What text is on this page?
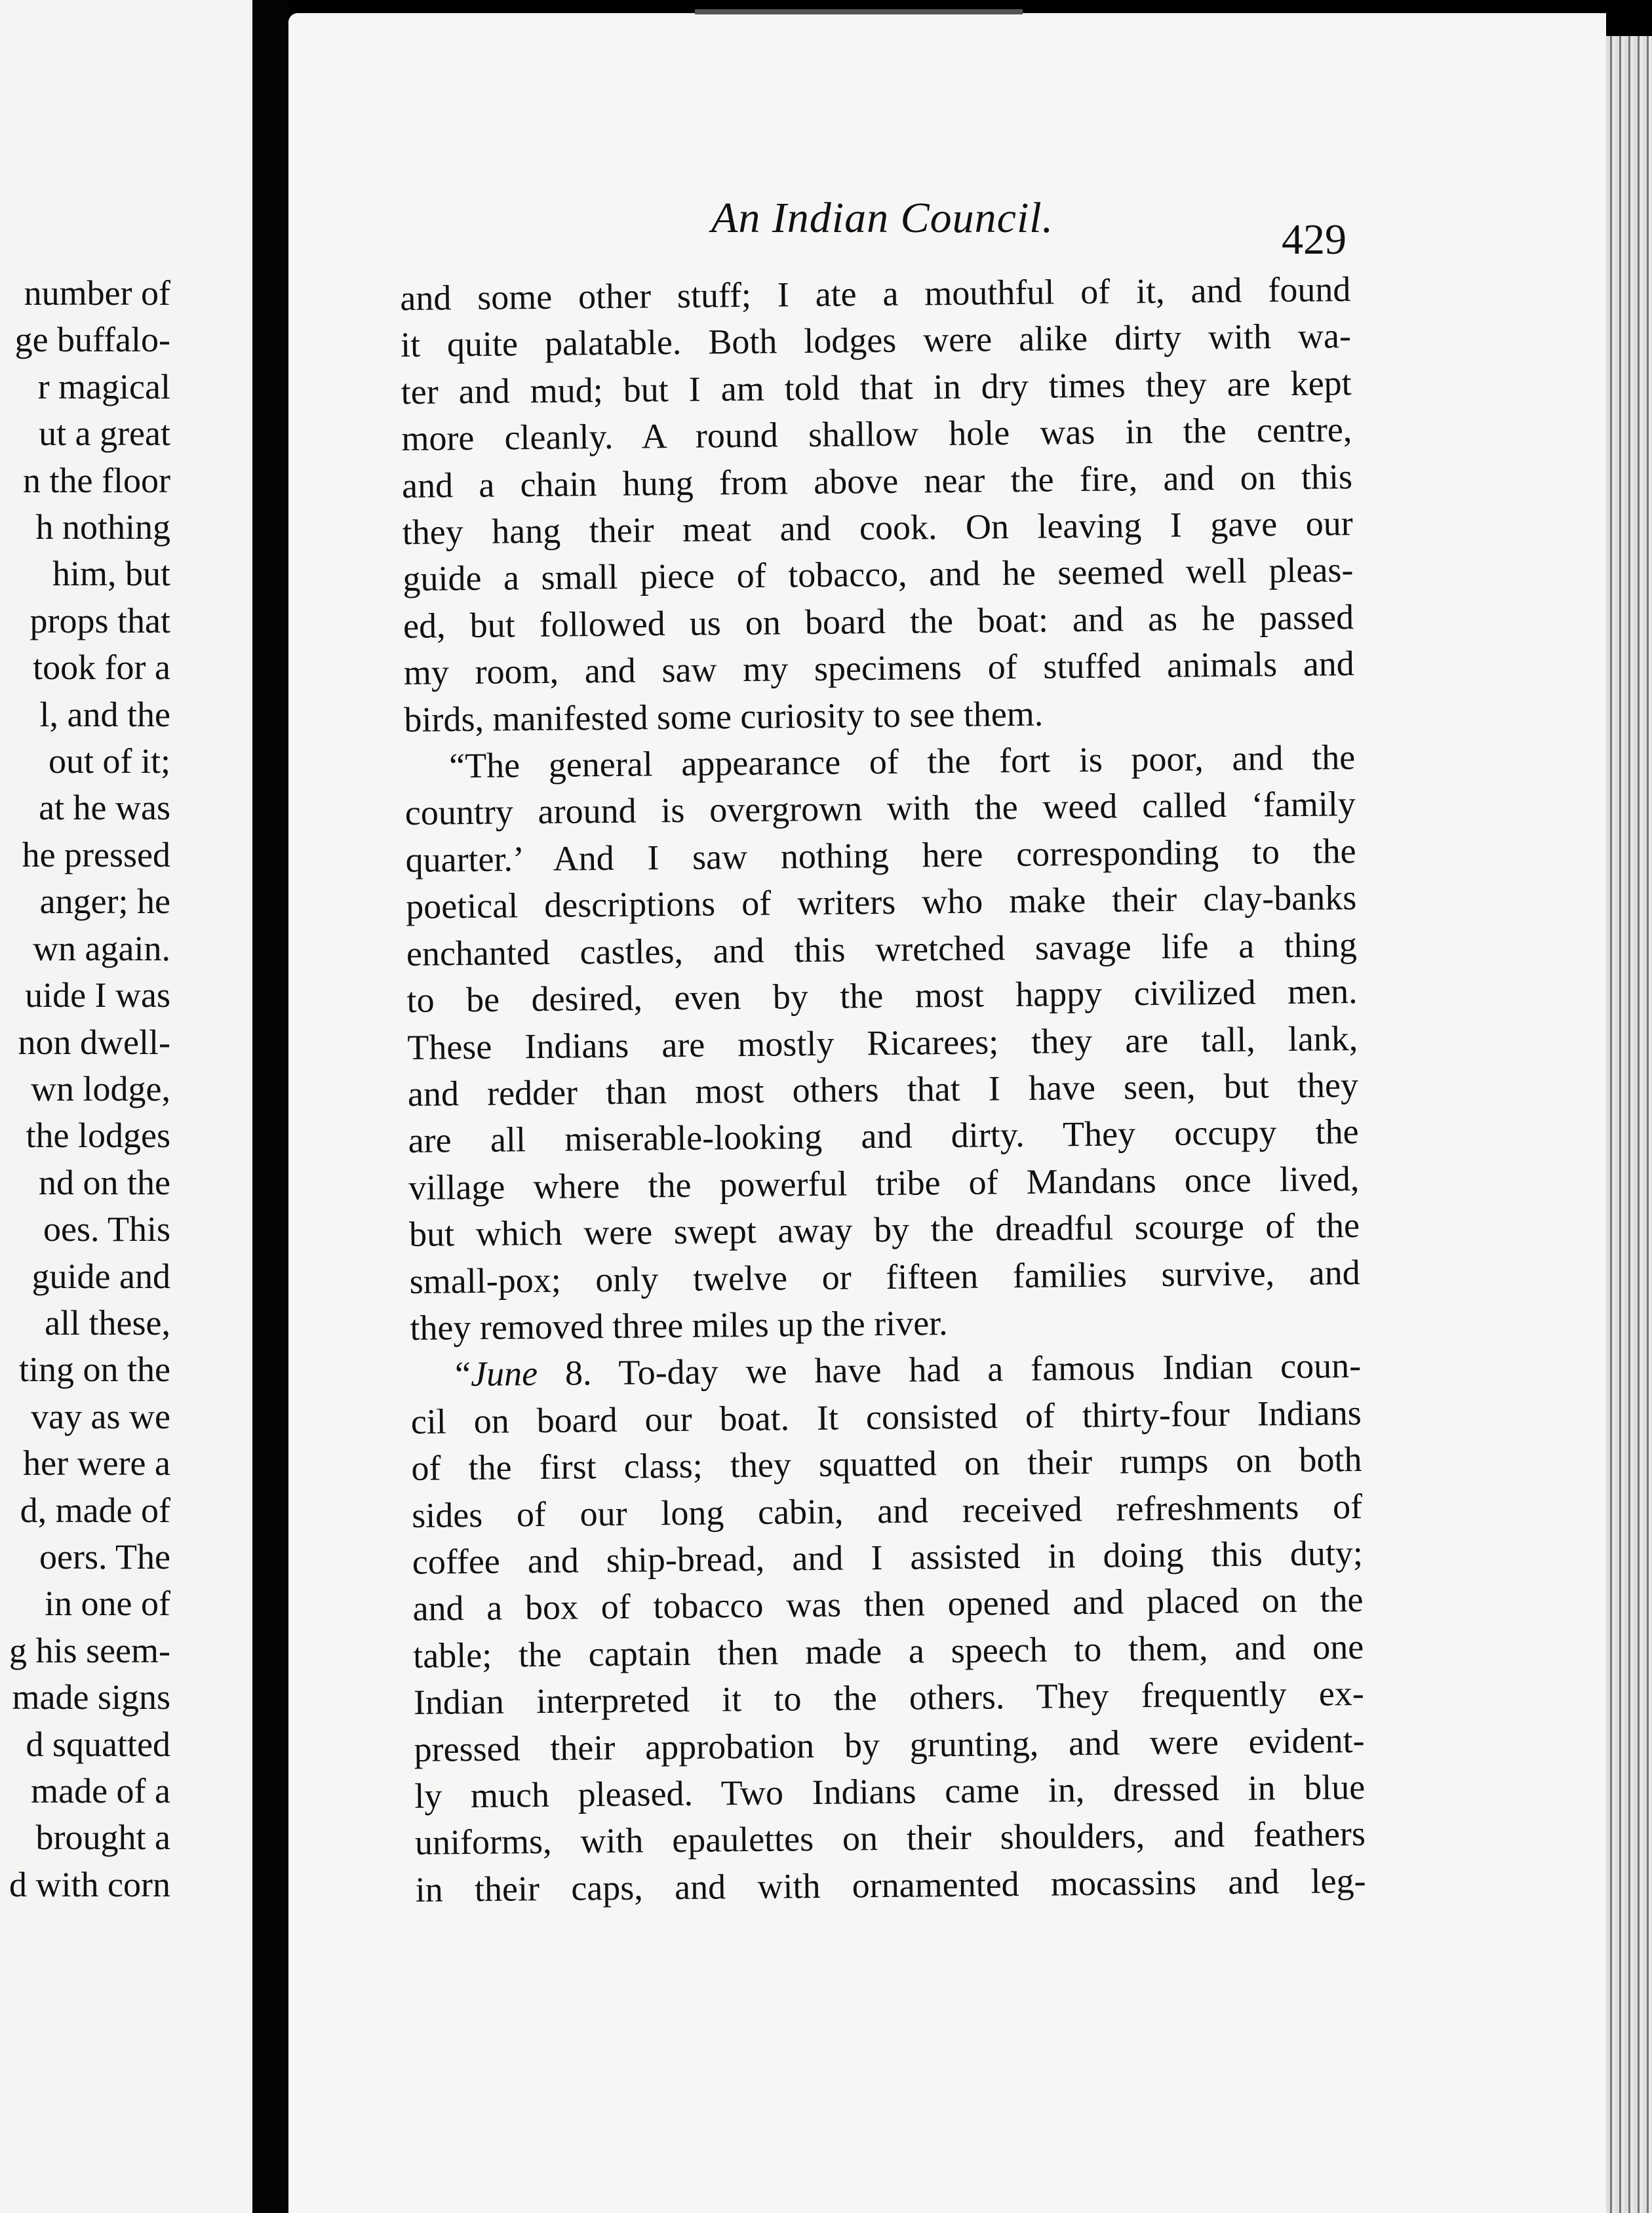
number of
ge buffalo-
r magical
ut a great
n the floor
h nothing
him, but
props that
took for a
l, and the
out of it;
at he was
he pressed
anger; he
wn again.
uide I was
non dwell-
wn lodge,
the lodges
nd on the
oes. This
guide and
all these,
ting on the
vay as we
her were a
d, made of
oers. The
in one of
g his seem-
made signs
d squatted
made of a
brought a
d with corn
An Indian Council.	429
and some other stuff; I ate a mouthful of it, and found
it quite palatable. Both lodges were alike dirty with wa-
ter and mud; but I am told that in dry times they are kept
more cleanly. A round shallow hole was in the centre,
and a chain hung from above near the fire, and on this
they hang their meat and cook. On leaving I gave our
guide a small piece of tobacco, and he seemed well pleas-
ed, but followed us on board the boat: and as he passed
my room, and saw my specimens of stuffed animals and
birds, manifested some curiosity to see them.
“The general appearance of the fort is poor, and the
country around is overgrown with the weed called ‘family
quarter.’ And I saw nothing here corresponding to the
poetical descriptions of writers who make their clay-banks
enchanted castles, and this wretched savage life a thing
to be desired, even by the most happy civilized men.
These Indians are mostly Ricarees; they are tall, lank,
and redder than most others that I have seen, but they
are all miserable-looking and dirty. They occupy the
village where the powerful tribe of Mandans once lived,
but which were swept away by the dreadful scourge of the
small-pox; only twelve or fifteen families survive, and
they removed three miles up the river.
“June 8. To-day we have had a famous Indian coun-
cil on board our boat. It consisted of thirty-four Indians
of the first class; they squatted on their rumps on both
sides of our long cabin, and received refreshments of
coffee and ship-bread, and I assisted in doing this duty;
and a box of tobacco was then opened and placed on the
table; the captain then made a speech to them, and one
Indian interpreted it to the others. They frequently ex-
pressed their approbation by grunting, and were evident-
ly much pleased. Two Indians came in, dressed in blue
uniforms, with epaulettes on their shoulders, and feathers
in their caps, and with ornamented mocassins and leg-
